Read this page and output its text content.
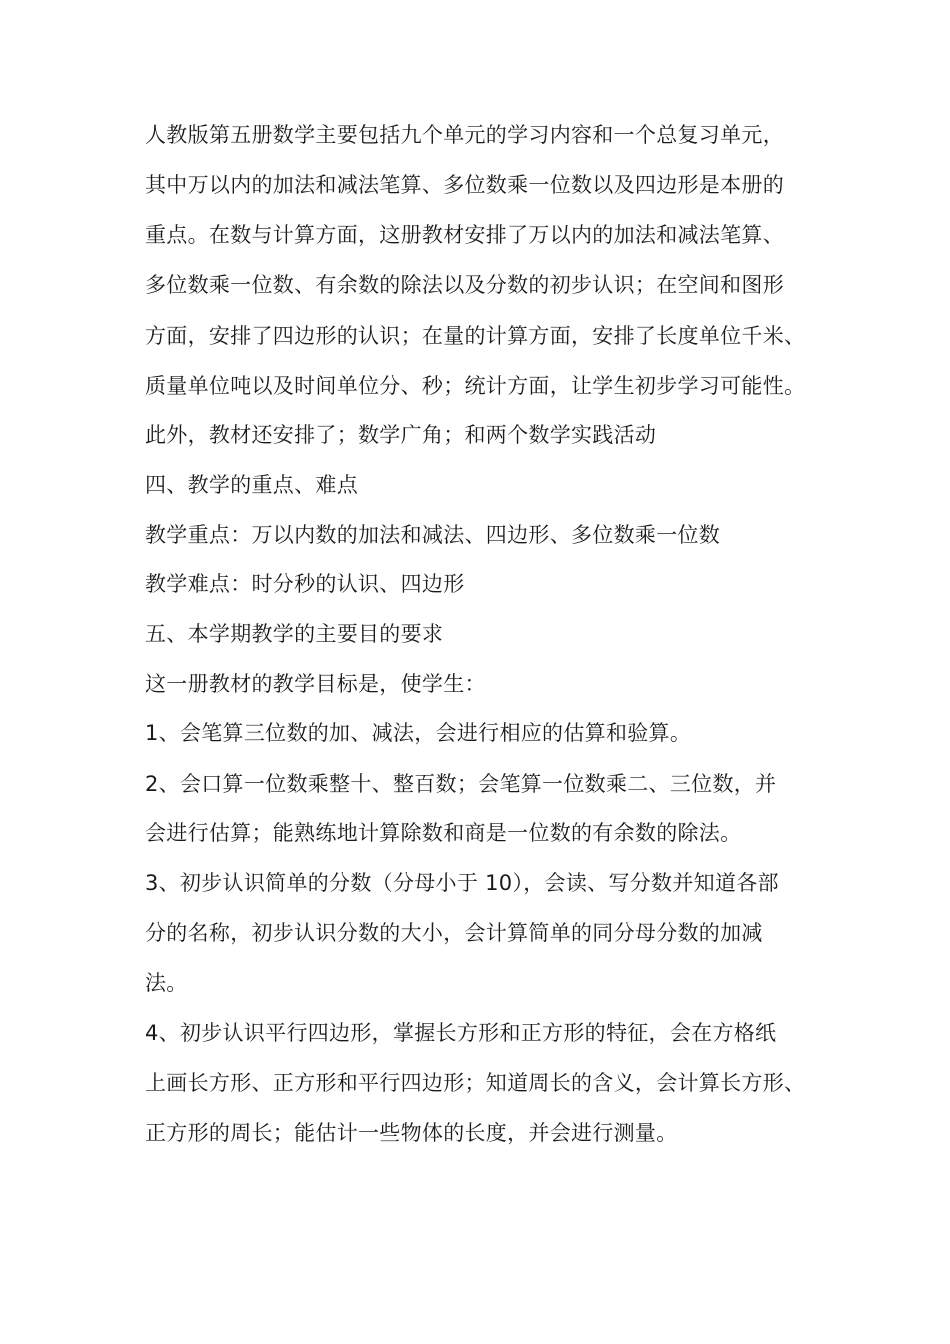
人教版第五册数学主要包括九个单元的学习内容和一个总复习单元，
其中万以内的加法和减法笔算、多位数乘一位数以及四边形是本册的
重点。在数与计算方面，这册教材安排了万以内的加法和减法笔算、
多位数乘一位数、有余数的除法以及分数的初步认识；在空间和图形
方面，安排了四边形的认识；在量的计算方面，安排了长度单位千米、
质量单位吨以及时间单位分、秒；统计方面，让学生初步学习可能性。
此外，教材还安排了；数学广角；和两个数学实践活动
四、教学的重点、难点
教学重点：万以内数的加法和减法、四边形、多位数乘一位数
教学难点：时分秒的认识、四边形
五、本学期教学的主要目的要求
这一册教材的教学目标是，使学生：
1、会笔算三位数的加、减法，会进行相应的估算和验算。
2、会口算一位数乘整十、整百数；会笔算一位数乘二、三位数，并
会进行估算；能熟练地计算除数和商是一位数的有余数的除法。
3、初步认识简单的分数（分母小于 10），会读、写分数并知道各部
分的名称，初步认识分数的大小，会计算简单的同分母分数的加减
法。
4、初步认识平行四边形，掌握长方形和正方形的特征，会在方格纸
上画长方形、正方形和平行四边形；知道周长的含义，会计算长方形、
正方形的周长；能估计一些物体的长度，并会进行测量。
